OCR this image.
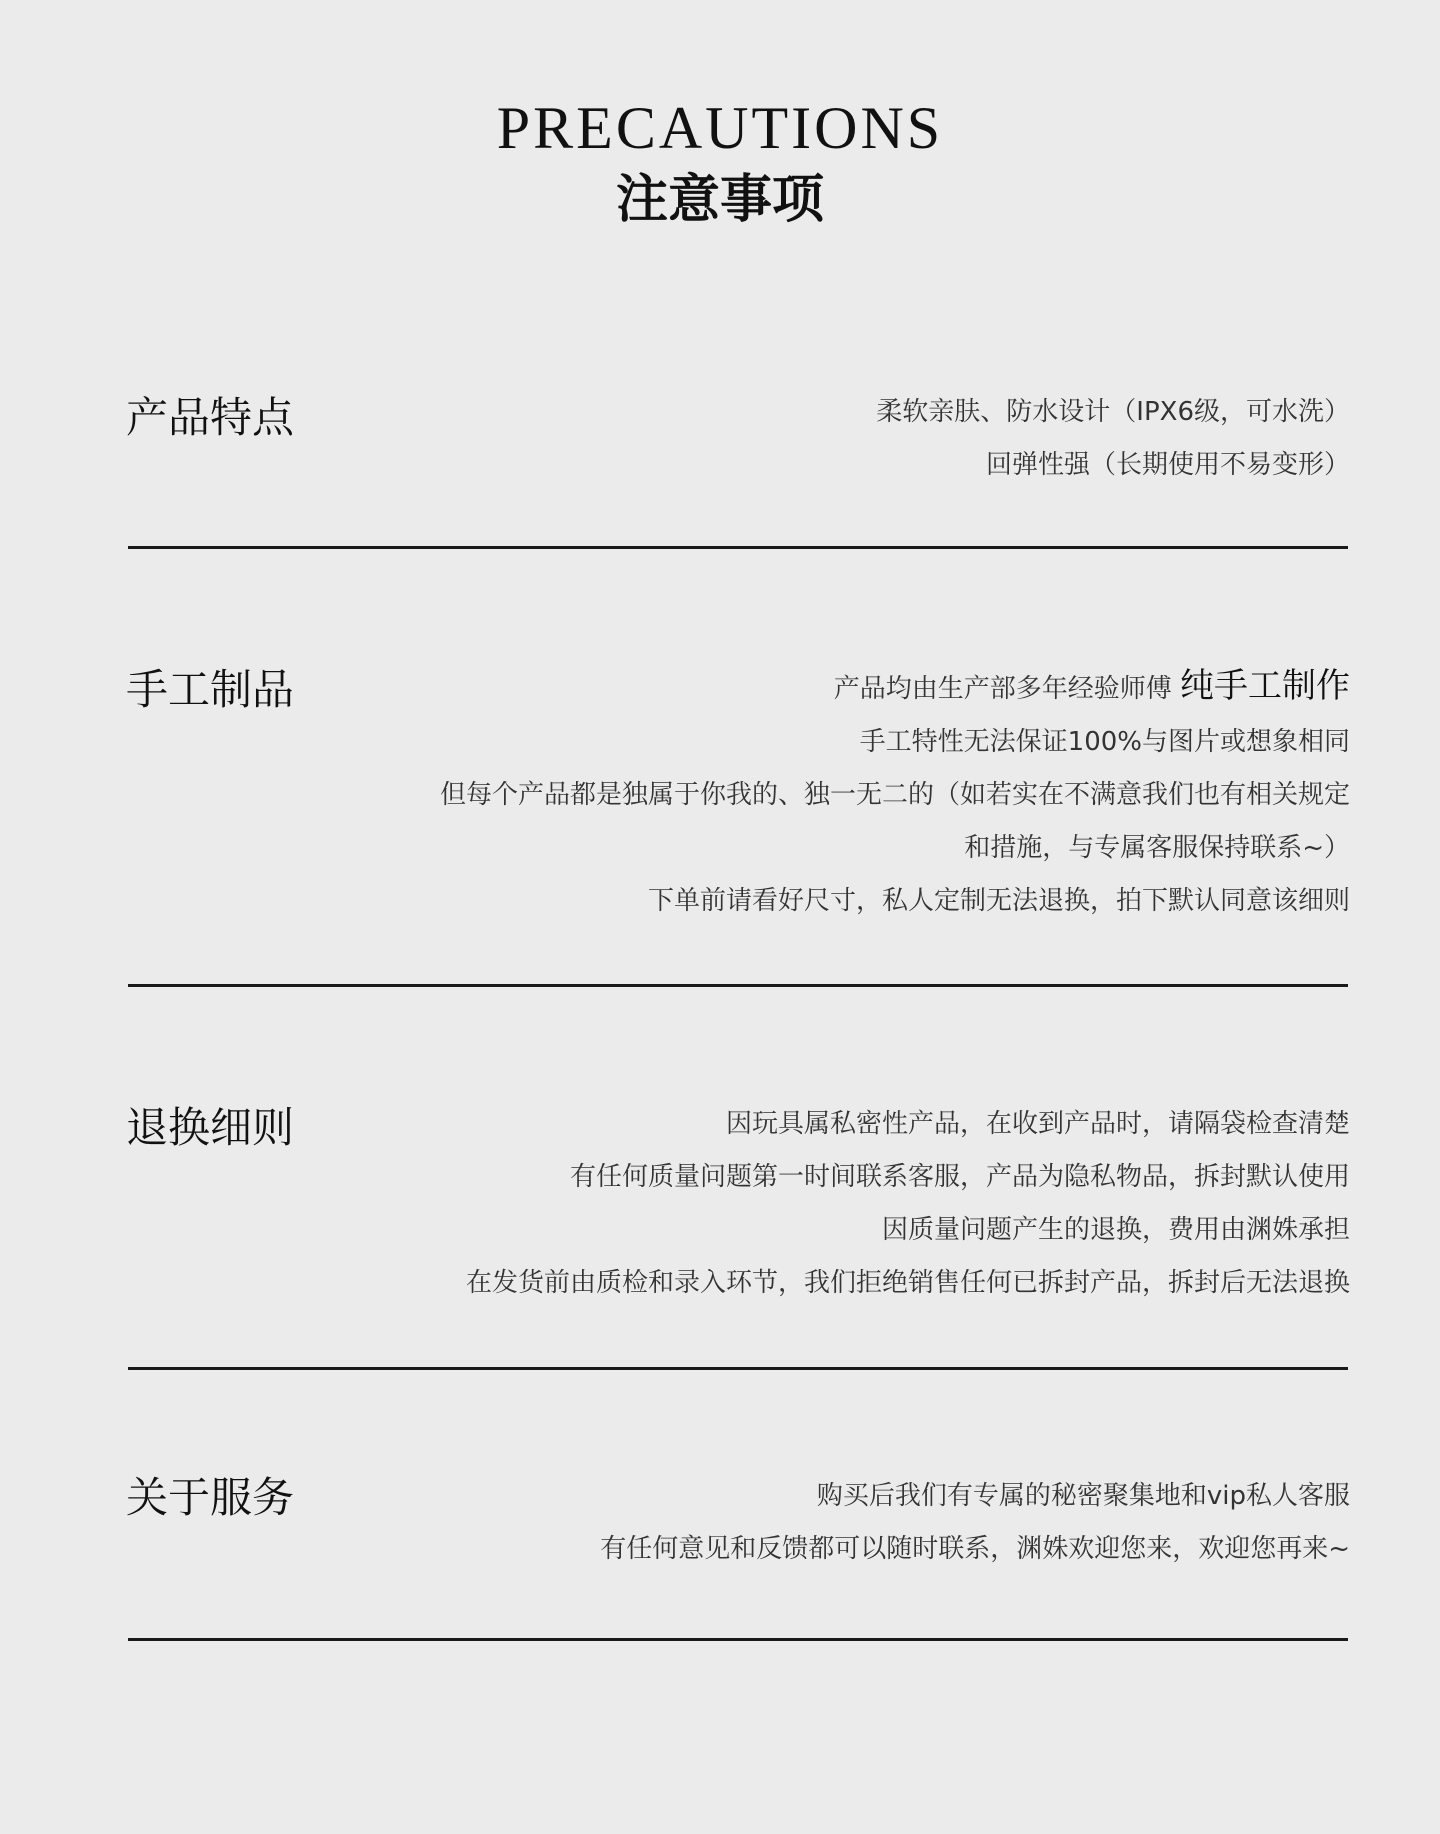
PRECAUTIONS
注意事项
产品特点	柔软亲肤、防水设计（IPX6级，可水洗）
回弹性强（长期使用不易变形）
手工制品	产品均由生产部多年经验师傅 纯手工制作
手工特性无法保证100%与图片或想象相同
但每个产品都是独属于你我的、独一无二的（如若实在不满意我们也有相关规定
和措施，与专属客服保持联系~）
下单前请看好尺寸，私人定制无法退换，拍下默认同意该细则
退换细则	因玩具属私密性产品，在收到产品时，请隔袋检查清楚
有任何质量问题第一时间联系客服，产品为隐私物品，拆封默认使用
因质量问题产生的退换，费用由渊姝承担
在发货前由质检和录入环节，我们拒绝销售任何已拆封产品，拆封后无法退换
关于服务	购买后我们有专属的秘密聚集地和vip私人客服
有任何意见和反馈都可以随时联系，渊姝欢迎您来，欢迎您再来~
